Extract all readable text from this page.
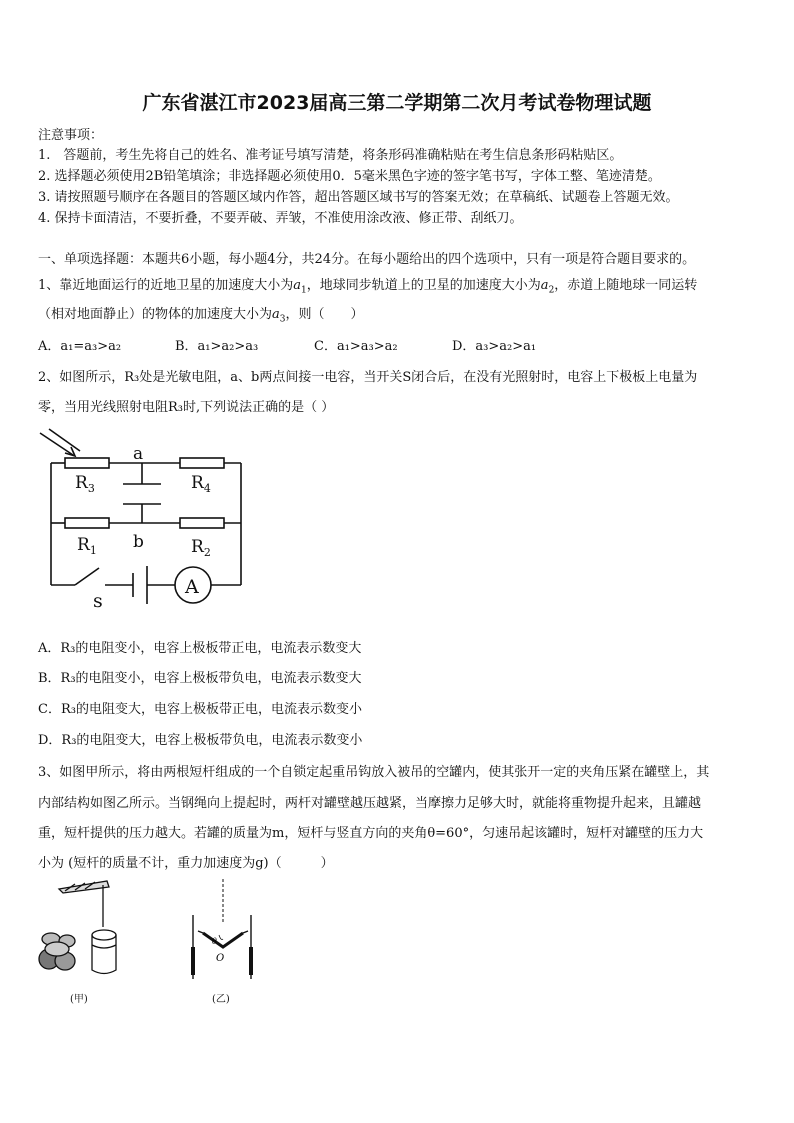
广东省湛江市2023届高三第二学期第二次月考试卷物理试题
注意事项：
1.　答题前，考生先将自己的姓名、准考证号填写清楚，将条形码准确粘贴在考生信息条形码粘贴区。
2. 选择题必须使用2B铅笔填涂；非选择题必须使用0．5毫米黑色字迹的签字笔书写，字体工整、笔迹清楚。
3. 请按照题号顺序在各题目的答题区域内作答，超出答题区域书写的答案无效；在草稿纸、试题卷上答题无效。
4. 保持卡面清洁，不要折叠，不要弄破、弄皱，不准使用涂改液、修正带、刮纸刀。
一、单项选择题：本题共6小题，每小题4分，共24分。在每小题给出的四个选项中，只有一项是符合题目要求的。
1、靠近地面运行的近地卫星的加速度大小为$a_1$，地球同步轨道上的卫星的加速度大小为$a_2$，赤道上随地球一同运转
（相对地面静止）的物体的加速度大小为$a_3$，则（　　）
A．a₁=a₃>a₂	B．a₁>a₂>a₃	C．a₁>a₃>a₂	D．a₃>a₂>a₁
2、如图所示，R₃处是光敏电阻，a、b两点间接一电容，当开关S闭合后，在没有光照射时，电容上下极板上电量为
零，当用光线照射电阻R₃时,下列说法正确的是（ ）
a
b
$R_3$	$R_4$
$R_1$	$R_2$
s
A
A．R₃的电阻变小，电容上极板带正电，电流表示数变大
B．R₃的电阻变小，电容上极板带负电，电流表示数变大
C．R₃的电阻变大，电容上极板带正电，电流表示数变小
D．R₃的电阻变大，电容上极板带负电，电流表示数变小
3、如图甲所示，将由两根短杆组成的一个自锁定起重吊钩放入被吊的空罐内，使其张开一定的夹角压紧在罐壁上，其
内部结构如图乙所示。当钢绳向上提起时，两杆对罐壁越压越紧，当摩擦力足够大时，就能将重物提升起来，且罐越
重，短杆提供的压力越大。若罐的质量为m，短杆与竖直方向的夹角θ=60°，匀速吊起该罐时，短杆对罐壁的压力大
小为 (短杆的质量不计，重力加速度为g)（　　　）
(甲)
θ
O
(乙)
